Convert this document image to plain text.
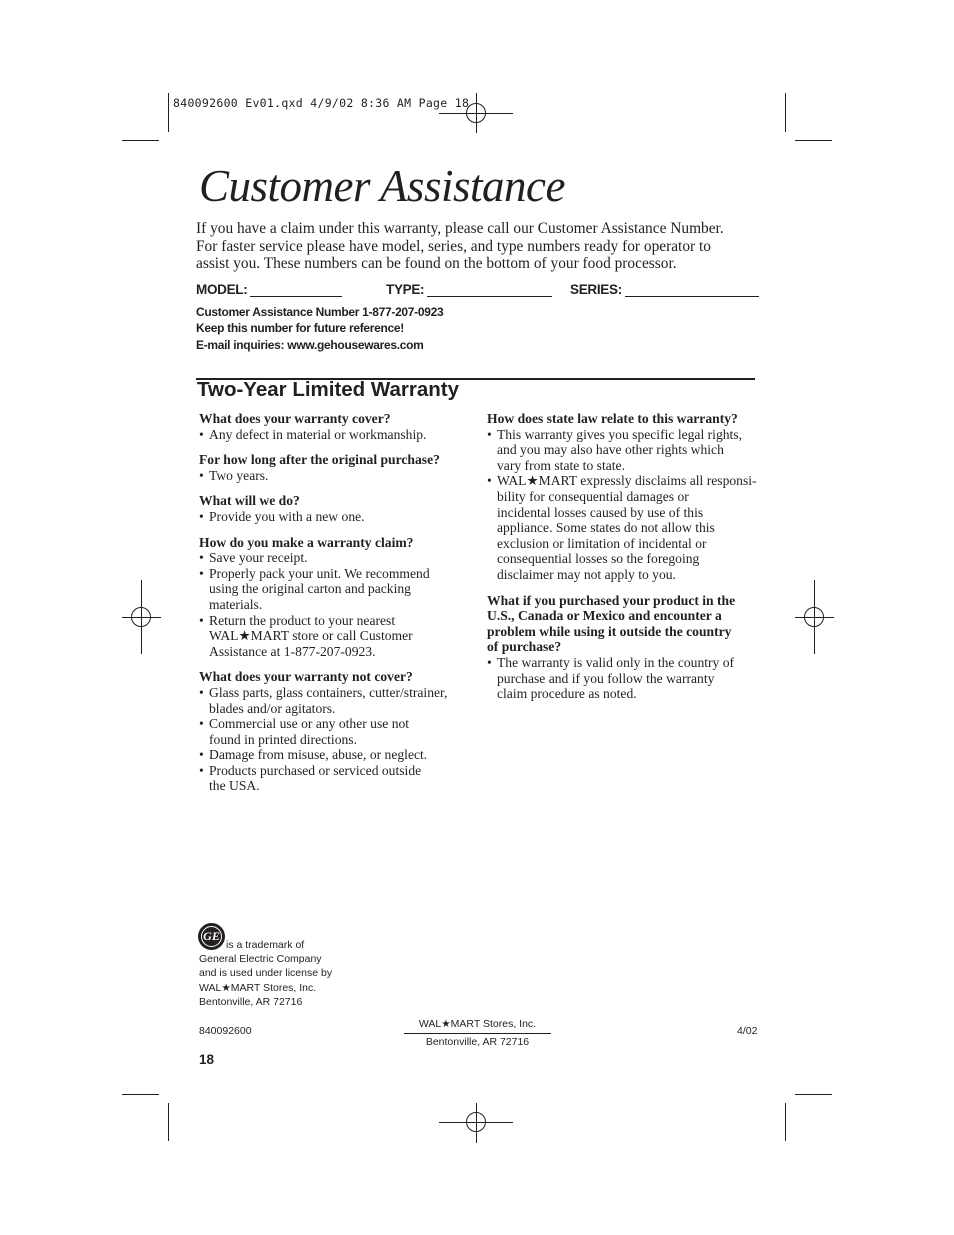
840092600 Ev01.qxd 4/9/02 8:36 AM Page 18
Customer Assistance

If you have a claim under this warranty, please call our Customer Assistance Number.

For faster service please have model, series, and type numbers ready for operator to

assist you. These numbers can be found on the bottom of your food processor.

MODEL:	TYPE:	SERIES:
Customer Assistance Number 1-877-207-0923
Keep this number for future reference!
E-mail inquiries: www.gehousewares.com
Two-Year Limited Warranty
What does your warranty cover?
• Any defect in material or workmanship.
For how long after the original purchase?
• Two years.
What will we do?
• Provide you with a new one.
How do you make a warranty claim?
• Save your receipt.
• Properly pack your unit. We recommend
using the original carton and packing
materials.
• Return the product to your nearest
WAL★MART store or call Customer
Assistance at 1-877-207-0923.
What does your warranty not cover?
• Glass parts, glass containers, cutter/strainer,
blades and/or agitators.
• Commercial use or any other use not
found in printed directions.
• Damage from misuse, abuse, or neglect.
• Products purchased or serviced outside
the USA.
How does state law relate to this warranty?
• This warranty gives you specific legal rights,
and you may also have other rights which
vary from state to state.
• WAL★MART expressly disclaims all responsi-
bility for consequential damages or
incidental losses caused by use of this
appliance. Some states do not allow this
exclusion or limitation of incidental or
consequential losses so the foregoing
disclaimer may not apply to you.
What if you purchased your product in the
U.S., Canada or Mexico and encounter a
problem while using it outside the country
of purchase?
• The warranty is valid only in the country of
purchase and if you follow the warranty
claim procedure as noted.
GE
is a trademark of
General Electric Company
and is used under license by
WAL★MART Stores, Inc.
Bentonville, AR 72716
840092600
WAL★MART Stores, Inc.
Bentonville, AR 72716
4/02
18
